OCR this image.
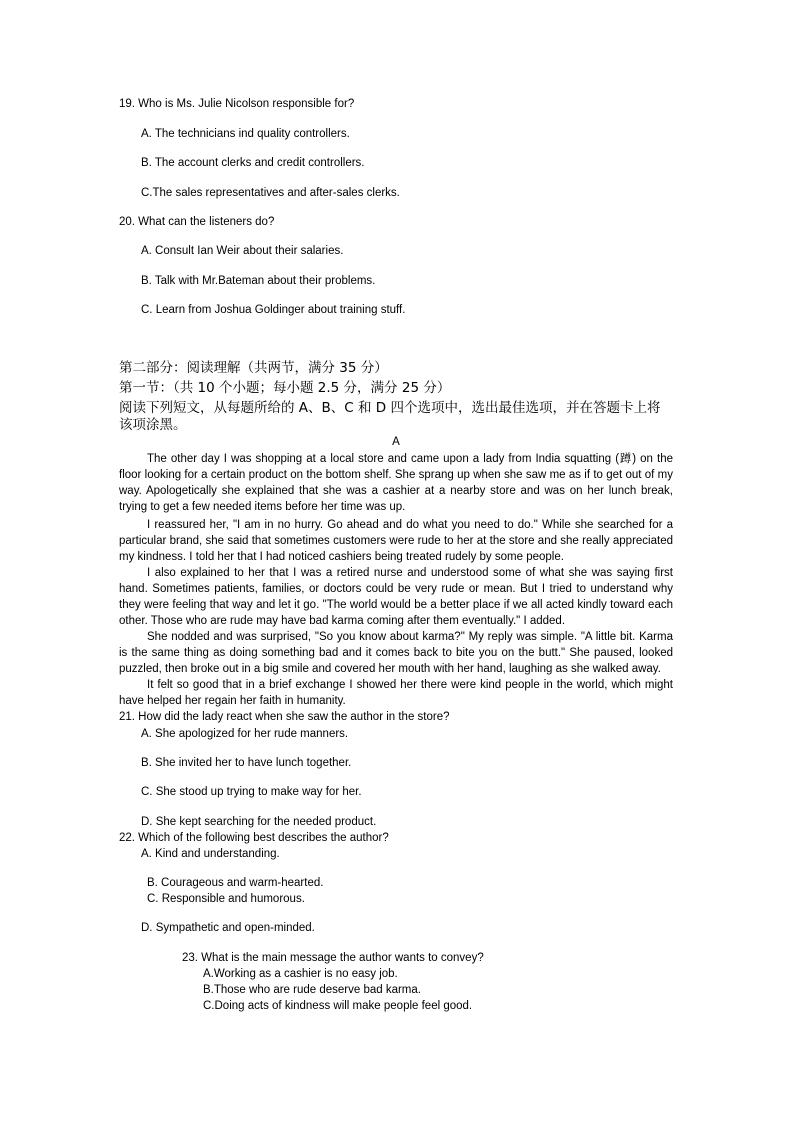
19. Who is Ms. Julie Nicolson responsible for?
A. The technicians ind quality controllers.
B. The account clerks and credit controllers.
C.The sales representatives and after-sales clerks.
20. What can the listeners do?
A. Consult Ian Weir about their salaries.
B. Talk with Mr.Bateman about their problems.
C. Learn from Joshua Goldinger about training stuff.
第二部分：阅读理解（共两节，满分 35 分）
第一节：（共 10 个小题；每小题 2.5 分，满分 25 分）
阅读下列短文，从每题所给的 A、B、C 和 D 四个选项中，选出最佳选项，并在答题卡上将
该项涂黑。
A
The other day I was shopping at a local store and came upon a lady from India squatting (蹲) on the floor looking for a certain product on the bottom shelf. She sprang up when she saw me as if to get out of my way. Apologetically she explained that she was a cashier at a nearby store and was on her lunch break, trying to get a few needed items before her time was up.
I reassured her, "I am in no hurry. Go ahead and do what you need to do." While she searched for a particular brand, she said that sometimes customers were rude to her at the store and she really appreciated my kindness. I told her that I had noticed cashiers being treated rudely by some people.
I also explained to her that I was a retired nurse and understood some of what she was saying first hand. Sometimes patients, families, or doctors could be very rude or mean. But I tried to understand why they were feeling that way and let it go. "The world would be a better place if we all acted kindly toward each other. Those who are rude may have bad karma coming after them eventually." I added.
She nodded and was surprised, "So you know about karma?" My reply was simple. "A little bit. Karma is the same thing as doing something bad and it comes back to bite you on the butt." She paused, looked puzzled, then broke out in a big smile and covered her mouth with her hand, laughing as she walked away.
It felt so good that in a brief exchange I showed her there were kind people in the world, which might have helped her regain her faith in humanity.
21. How did the lady react when she saw the author in the store?
A. She apologized for her rude manners.
B. She invited her to have lunch together.
C. She stood up trying to make way for her.
D. She kept searching for the needed product.
22. Which of the following best describes the author?
A. Kind and understanding.
B. Courageous and warm-hearted.
C. Responsible and humorous.
D. Sympathetic and open-minded.
23. What is the main message the author wants to convey?
A.Working as a cashier is no easy job.
B.Those who are rude deserve bad karma.
C.Doing acts of kindness will make people feel good.
